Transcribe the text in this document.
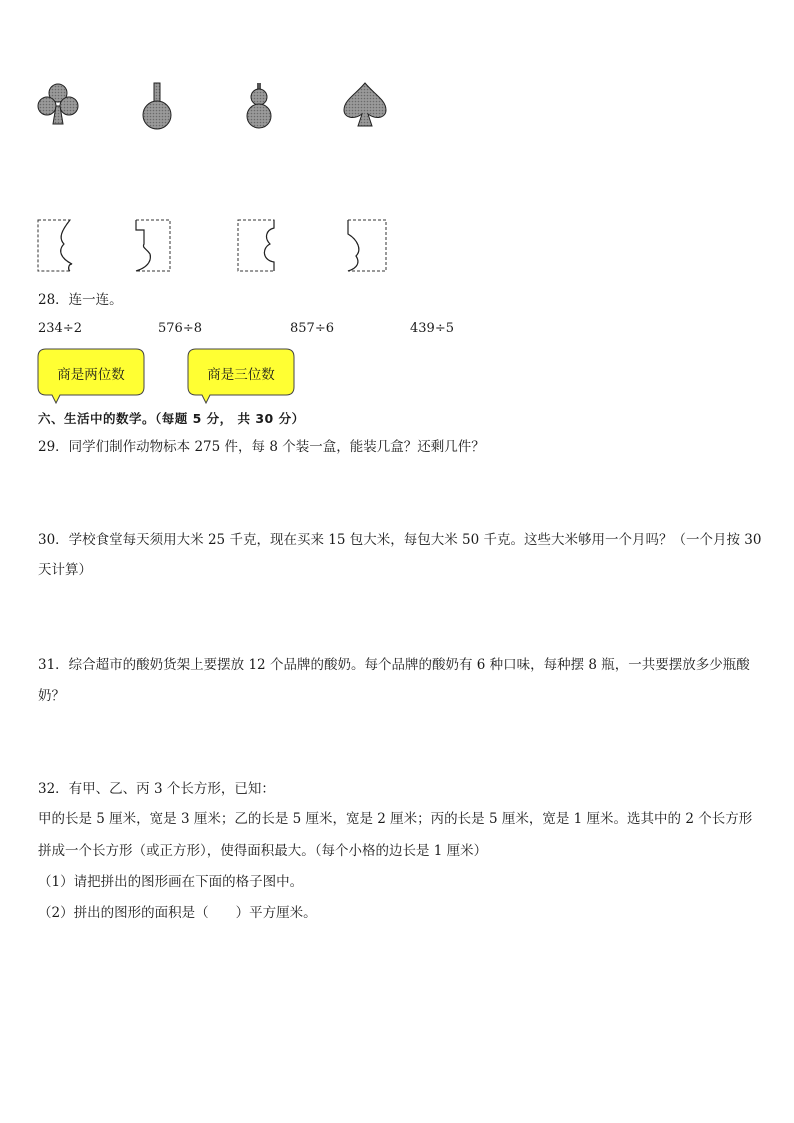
28．连一连。
234÷2	576÷8	857÷6	439÷5
商是两位数	商是三位数
六、生活中的数学。（每题 5 分， 共 30 分）
29．同学们制作动物标本 275 件，每 8 个装一盒，能装几盒？还剩几件？
30．学校食堂每天须用大米 25 千克，现在买来 15 包大米，每包大米 50 千克。这些大米够用一个月吗？（一个月按 30
天计算）
31．综合超市的酸奶货架上要摆放 12 个品牌的酸奶。每个品牌的酸奶有 6 种口味，每种摆 8 瓶，一共要摆放多少瓶酸
奶？
32．有甲、乙、丙 3 个长方形，已知：
甲的长是 5 厘米，宽是 3 厘米；乙的长是 5 厘米，宽是 2 厘米；丙的长是 5 厘米，宽是 1 厘米。选其中的 2 个长方形
拼成一个长方形（或正方形），使得面积最大。（每个小格的边长是 1 厘米）
（1）请把拼出的图形画在下面的格子图中。
（2）拼出的图形的面积是（　　）平方厘米。
